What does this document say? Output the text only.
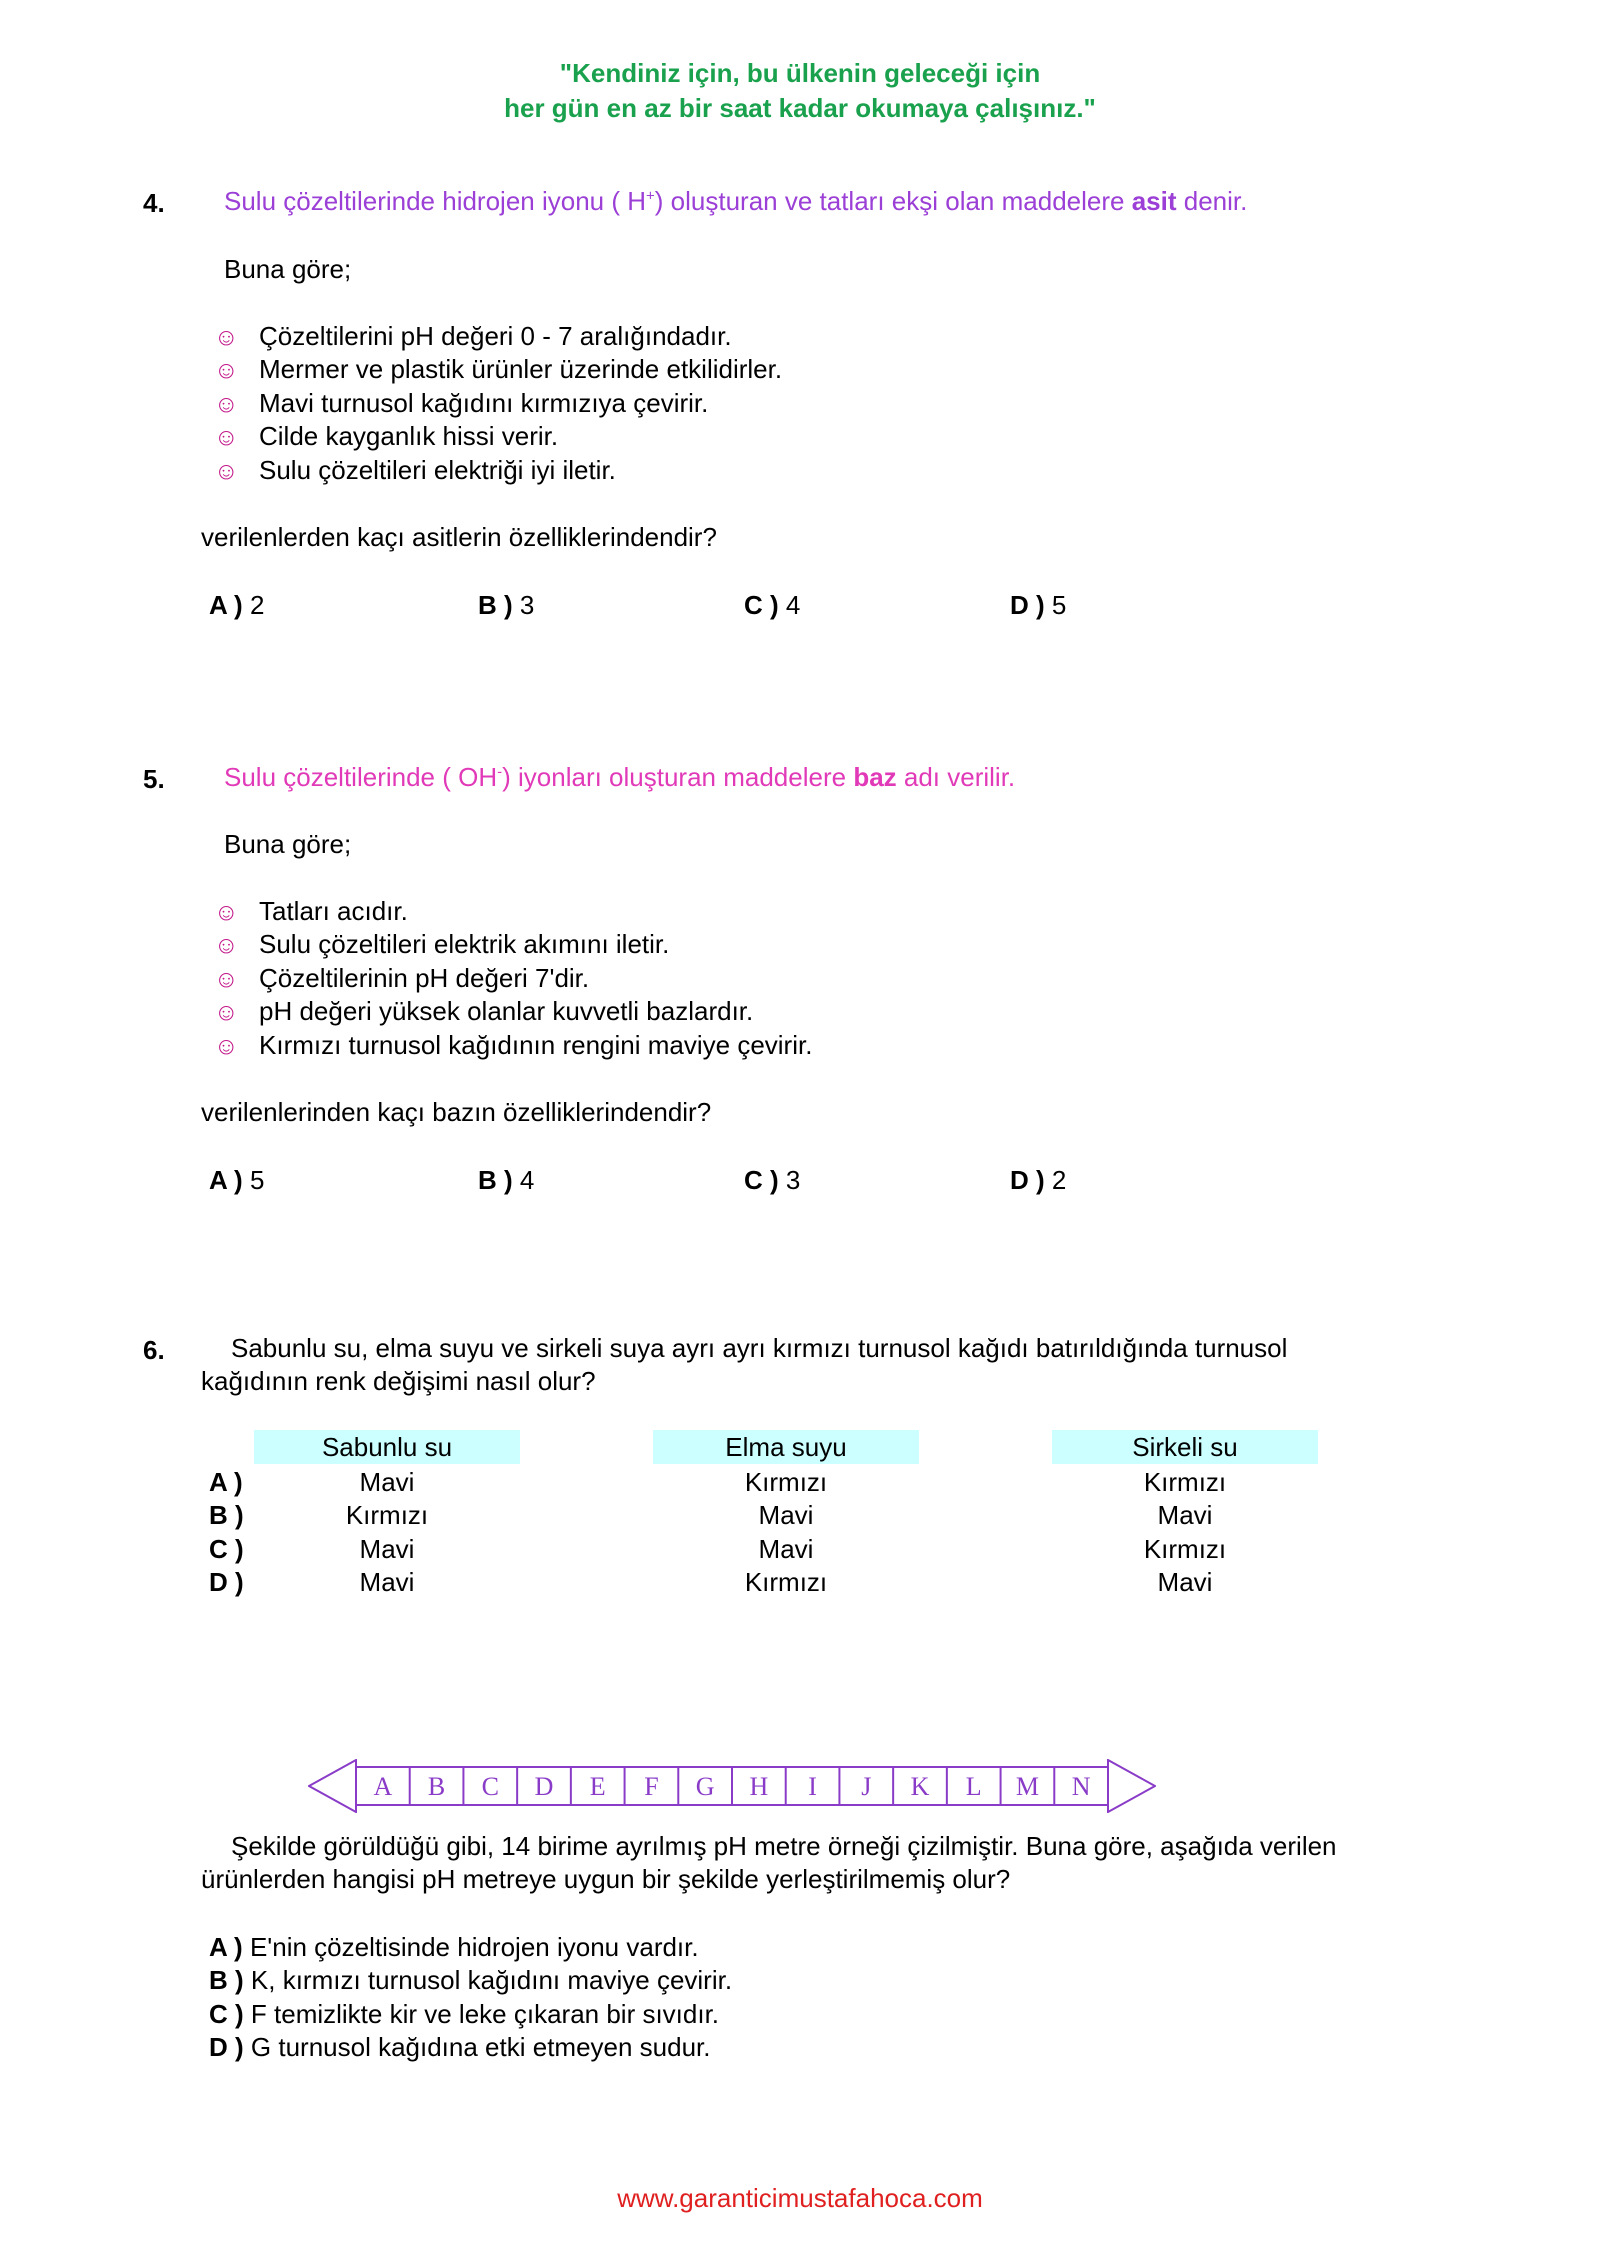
"Kendiniz için, bu ülkenin geleceği için
her gün en az bir saat kadar okumaya çalışınız."
4. Sulu çözeltilerinde hidrojen iyonu ( H+) oluşturan ve tatları ekşi olan maddelere asit denir.
Buna göre;
☺ Çözeltilerini pH değeri 0 - 7 aralığındadır.
☺ Mermer ve plastik ürünler üzerinde etkilidirler.
☺ Mavi turnusol kağıdını kırmızıya çevirir.
☺ Cilde kayganlık hissi verir.
☺ Sulu çözeltileri elektriği iyi iletir.
verilenlerden kaçı asitlerin özelliklerindendir?
A ) 2	B ) 3	C ) 4	D ) 5
5. Sulu çözeltilerinde ( OH-) iyonları oluşturan maddelere baz adı verilir.
Buna göre;
☺ Tatları acıdır.
☺ Sulu çözeltileri elektrik akımını iletir.
☺ Çözeltilerinin pH değeri 7'dir.
☺ pH değeri yüksek olanlar kuvvetli bazlardır.
☺ Kırmızı turnusol kağıdının rengini maviye çevirir.
verilenlerinden kaçı bazın özelliklerindendir?
A ) 5	B ) 4	C ) 3	D ) 2
6.	Sabunlu su, elma suyu ve sirkeli suya ayrı ayrı kırmızı turnusol kağıdı batırıldığında turnusol
kağıdının renk değişimi nasıl olur?
Sabunlu su	Elma suyu	Sirkeli su
A )	Mavi	Kırmızı	Kırmızı
B )	Kırmızı	Mavi	Mavi
C )	Mavi	Mavi	Kırmızı
D )	Mavi	Kırmızı	Mavi
A B C D E F G H I J K L M N
Şekilde görüldüğü gibi, 14 birime ayrılmış pH metre örneği çizilmiştir. Buna göre, aşağıda verilen
ürünlerden hangisi pH metreye uygun bir şekilde yerleştirilmemiş olur?
A ) E'nin çözeltisinde hidrojen iyonu vardır.
B ) K, kırmızı turnusol kağıdını maviye çevirir.
C ) F temizlikte kir ve leke çıkaran bir sıvıdır.
D ) G turnusol kağıdına etki etmeyen sudur.
www.garanticimustafahoca.com
